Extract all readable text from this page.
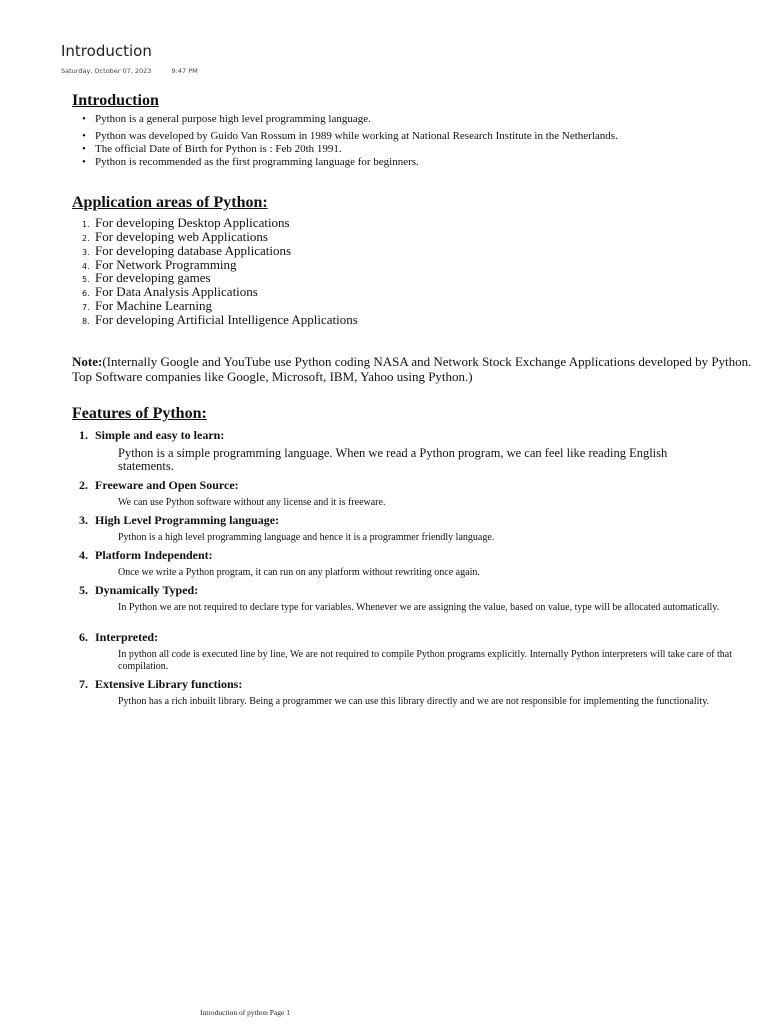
Introduction
Saturday, October 07, 2023	9:47 PM
Introduction
• Python is a general purpose high level programming language.
• Python was developed by Guido Van Rossum in 1989 while working at National Research Institute in the Netherlands.
• The official Date of Birth for Python is : Feb 20th 1991.
• Python is recommended as the first programming language for beginners.
Application areas of Python:
1. For developing Desktop Applications
2. For developing web Applications
3. For developing database Applications
4. For Network Programming
5. For developing games
6. For Data Analysis Applications
7. For Machine Learning
8. For developing Artificial Intelligence Applications
Note:(Internally Google and YouTube use Python coding NASA and Network Stock Exchange Applications developed by Python. Top Software companies like Google, Microsoft, IBM, Yahoo using Python.)
Features of Python:
1. Simple and easy to learn:

Python is a simple programming language. When we read a Python program, we can feel like reading English statements.

2. Freeware and Open Source:

We can use Python software without any license and it is freeware.

3. High Level Programming language:

Python is a high level programming language and hence it is a programmer friendly language.

4. Platform Independent:

Once we write a Python program, it can run on any platform without rewriting once again.

5. Dynamically Typed:

In Python we are not required to declare type for variables. Whenever we are assigning the value, based on value, type will be allocated automatically.

6. Interpreted:

In python all code is executed line by line, We are not required to compile Python programs explicitly. Internally Python interpreters will take care of that compilation.

7. Extensive Library functions:

Python has a rich inbuilt library. Being a programmer we can use this library directly and we are not responsible for implementing the functionality.

Introduction of python Page 1
